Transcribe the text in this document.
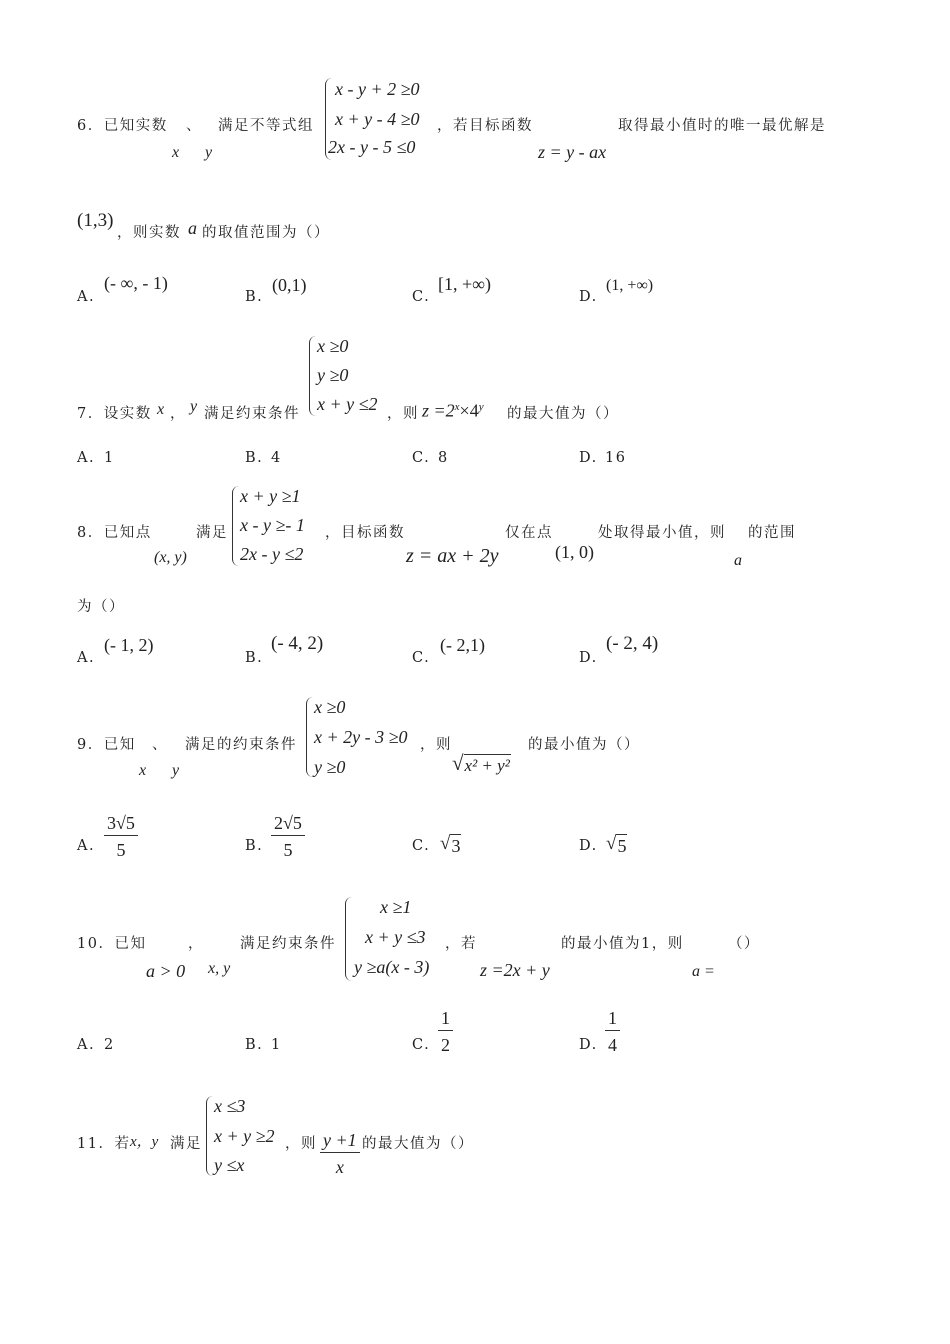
6．已知实数 、 满足不等式组
x y
x - y + 2 ≥0
x + y - 4 ≥0
2x - y - 5 ≤0
，若目标函数
z = y - ax
取得最小值时的唯一最优解是
(1,3)
，则实数 a 的取值范围为（）
A.
(- ∞, - 1)
B.
(0,1)
C.
[1, +∞)
D.
(1, +∞)
7．设实数 x ， y 满足约束条件
x ≥0
y ≥0
x + y ≤2 ，则 $z =2^x\times 4^y$ 的最大值为（）
A. 1	B. 4	C. 8	D. 16
8．已知点
(x, y)
满足
x + y ≥1
x - y ≥- 1
2x - y ≤2
，目标函数
z = ax + 2y
仅在点
(1, 0)
处取得最小值，则
a
的范围
为（）
A.
(- 1, 2)
B.
(- 4, 2)
C.
(- 2,1)
D.
(- 2, 4)
9．已知 、
x y
满足的约束条件
x ≥0
x + 2y - 3 ≥0
y ≥0
，则
√ x² + y²
的最小值为（）
A. $\frac{3√5}{5}$	B. $\frac{2√5}{5}$	C. √ 3	D. √ 5
10．已知
a > 0
，
x, y
满足约束条件
x ≥1
x + y ≤3
y ≥a(x - 3)
，若
z =2x + y
的最小值为1，则
a =
（）
A. 2	B. 1	C. $\frac{1}{2}$	D. $\frac{1}{4}$
11．若 x，y 满足
x ≤3
x + y ≥2
y ≤x
，则 $\frac{y +1}{x}$ 的最大值为（）
